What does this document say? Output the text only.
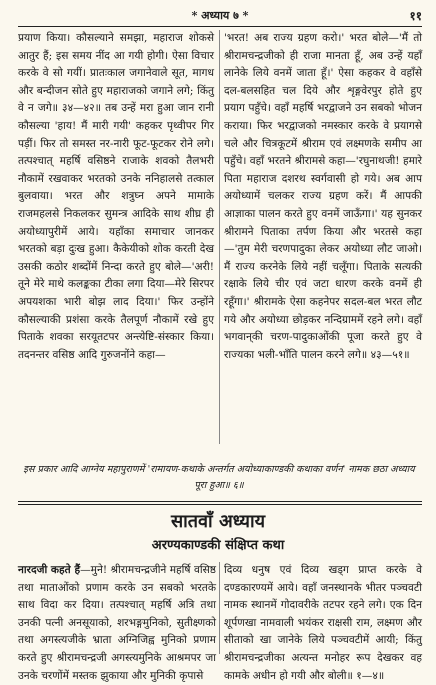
* अध्याय ७ *	११

प्रयाण किया। कौसल्याने समझा, महाराज शोकसे आतुर हैं; इस समय नींद आ गयी होगी। ऐसा विचार करके वे सो गयीं। प्रातःकाल जगानेवाले सूत, मागध और बन्दीजन सोते हुए महाराजको जगाने लगे; किंतु वे न जगे॥ ३४—४२॥ तब उन्हें मरा हुआ जान रानी कौसल्या 'हाय! मैं मारी गयी' कहकर पृथ्वीपर गिर पड़ीं। फिर तो समस्त नर-नारी फूट-फूटकर रोने लगे। तत्पश्चात् महर्षि वसिष्ठने राजाके शवको तैलभरी नौकामें रखवाकर भरतको उनके ननिहालसे तत्काल बुलवाया। भरत और शत्रुघ्न अपने मामाके राजमहलसे निकलकर सुमन्त्र आदिके साथ शीघ्र ही अयोध्यापुरीमें आये। यहाँका समाचार जानकर भरतको बड़ा दुःख हुआ। कैकेयीको शोक करती देख उसकी कठोर शब्दोंमें निन्दा करते हुए बोले—'अरी! तूने मेरे माथे कलङ्कका टीका लगा दिया—मेरे सिरपर अपयशका भारी बोझ लाद दिया।' फिर उन्होंने कौसल्याकी प्रशंसा करके तैलपूर्ण नौकामें रखे हुए पिताके शवका सरयूतटपर अन्त्येष्टि-संस्कार किया। तदनन्तर वसिष्ठ आदि गुरुजनोंने कहा—

'भरत! अब राज्य ग्रहण करो।' भरत बोले—'मैं तो श्रीरामचन्द्रजीको ही राजा मानता हूँ, अब उन्हें यहाँ लानेके लिये वनमें जाता हूँ।' ऐसा कहकर वे वहाँसे दल-बलसहित चल दिये और शृङ्गवेरपुर होते हुए प्रयाग पहुँचे। वहाँ महर्षि भरद्वाजने उन सबको भोजन कराया। फिर भरद्वाजको नमस्कार करके वे प्रयागसे चले और चित्रकूटमें श्रीराम एवं लक्ष्मणके समीप आ पहुँचे। वहाँ भरतने श्रीरामसे कहा—'रघुनाथजी! हमारे पिता महाराज दशरथ स्वर्गवासी हो गये। अब आप अयोध्यामें चलकर राज्य ग्रहण करें। मैं आपकी आज्ञाका पालन करते हुए वनमें जाऊँगा।' यह सुनकर श्रीरामने पिताका तर्पण किया और भरतसे कहा—'तुम मेरी चरणपादुका लेकर अयोध्या लौट जाओ। मैं राज्य करनेके लिये नहीं चलूँगा। पिताके सत्यकी रक्षाके लिये चीर एवं जटा धारण करके वनमें ही रहूँगा।' श्रीरामके ऐसा कहनेपर सदल-बल भरत लौट गये और अयोध्या छोड़कर नन्दिग्राममें रहने लगे। वहाँ भगवान्‌की चरण-पादुकाओंकी पूजा करते हुए वे राज्यका भली-भाँति पालन करने लगे॥ ४३—५१॥

इस प्रकार आदि आग्नेय महापुराणमें 'रामायण-कथाके अन्तर्गत अयोध्याकाण्डकी कथाका वर्णन' नामक छठा अध्याय पूरा हुआ॥ ६॥
सातवाँ अध्याय
अरण्यकाण्डकी संक्षिप्त कथा

नारदजी कहते हैं—मुने! श्रीरामचन्द्रजीने महर्षि वसिष्ठ तथा माताओंको प्रणाम करके उन सबको भरतके साथ विदा कर दिया। तत्पश्चात् महर्षि अत्रि तथा उनकी पत्नी अनसूयाको, शरभङ्गमुनिको, सुतीक्ष्णको तथा अगस्त्यजीके भ्राता अग्निजिह्व मुनिको प्रणाम करते हुए श्रीरामचन्द्रजी अगस्त्यमुनिके आश्रमपर जा उनके चरणोंमें मस्तक झुकाया और मुनिकी कृपासे

दिव्य धनुष एवं दिव्य खड्ग प्राप्त करके वे दण्डकारण्यमें आये। वहाँ जनस्थानके भीतर पञ्चवटी नामक स्थानमें गोदावरीके तटपर रहने लगे। एक दिन शूर्पणखा नामवाली भयंकर राक्षसी राम, लक्ष्मण और सीताको खा जानेके लिये पञ्चवटीमें आयी; किंतु श्रीरामचन्द्रजीका अत्यन्त मनोहर रूप देखकर वह कामके अधीन हो गयी और बोली॥ १—४॥
